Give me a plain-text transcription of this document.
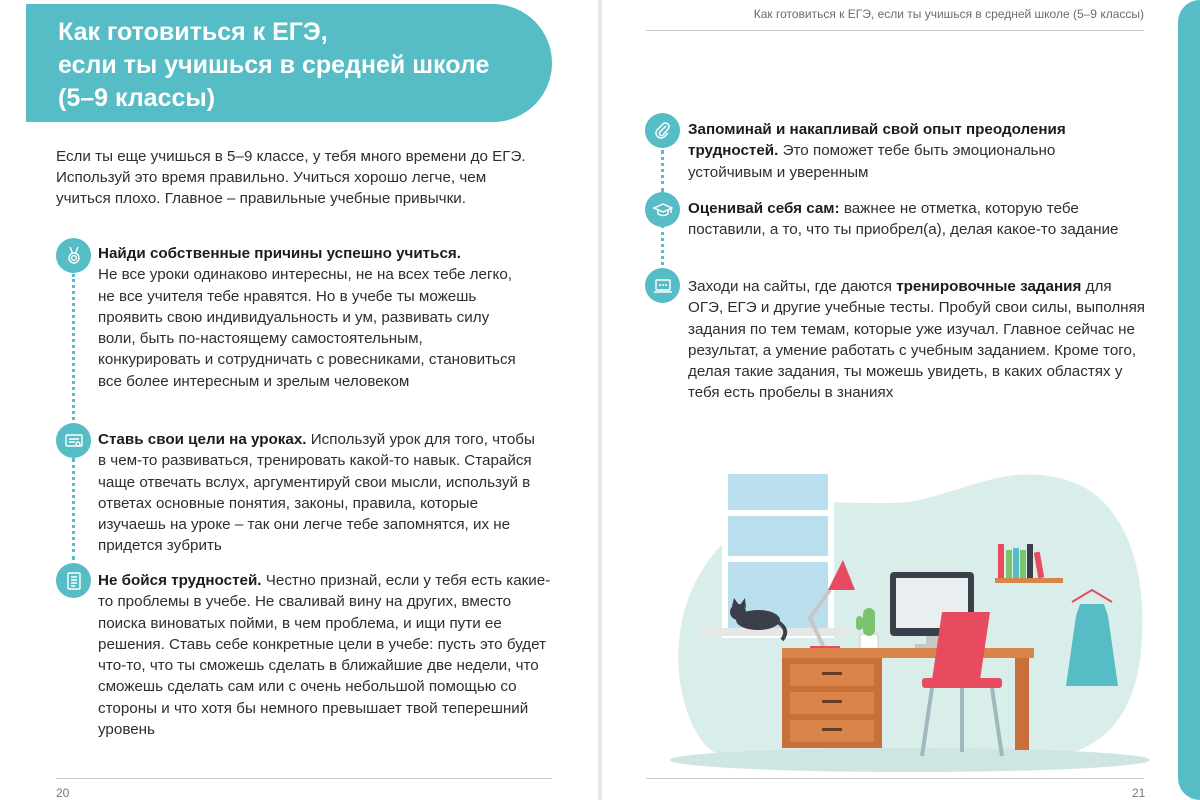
Как готовиться к ЕГЭ,
если ты учишься в средней школе
(5–9 классы)

Если ты еще учишься в 5–9 классе, у тебя много времени до ЕГЭ. Используй это время правильно. Учиться хорошо легче, чем учиться плохо. Главное – правильные учебные привычки.

Найди собственные причины успешно учиться.
Не все уроки одинаково интересны, не на всех тебе легко, не все учителя тебе нравятся. Но в учебе ты можешь проявить свою индивидуальность и ум, развивать силу воли, быть по-настоящему самостоятельным, конкурировать и сотрудничать с ровесниками, становиться все более интересным и зрелым человеком
Ставь свои цели на уроках. Используй урок для того, чтобы в чем-то развиваться, тренировать какой-то навык. Старайся чаще отвечать вслух, аргументируй свои мысли, используй в ответах основные понятия, законы, правила, которые изучаешь на уроке – так они легче тебе запомнятся, их не придется зубрить
Не бойся трудностей. Честно признай, если у тебя есть какие-то проблемы в учебе. Не сваливай вину на других, вместо поиска виноватых пойми, в чем проблема, и ищи пути ее решения. Ставь себе конкретные цели в учебе: пусть это будет что-то, что ты сможешь сделать в ближайшие две недели, что сможешь сделать сам или с очень небольшой помощью со стороны и что хотя бы немного превышает твой теперешний уровень
20
Как готовиться к ЕГЭ, если ты учишься в средней школе (5–9 классы)
Запоминай и накапливай свой опыт преодоления трудностей. Это поможет тебе быть эмоционально устойчивым и уверенным
Оценивай себя сам: важнее не отметка, которую тебе поставили, а то, что ты приобрел(а), делая какое-то задание
Заходи на сайты, где даются тренировочные задания для ОГЭ, ЕГЭ и другие учебные тесты. Пробуй свои силы, выполняя задания по тем темам, которые уже изучал. Главное сейчас не результат, а умение работать с учебным заданием. Кроме того, делая такие задания, ты можешь увидеть, в каких областях у тебя есть пробелы в знаниях
21
